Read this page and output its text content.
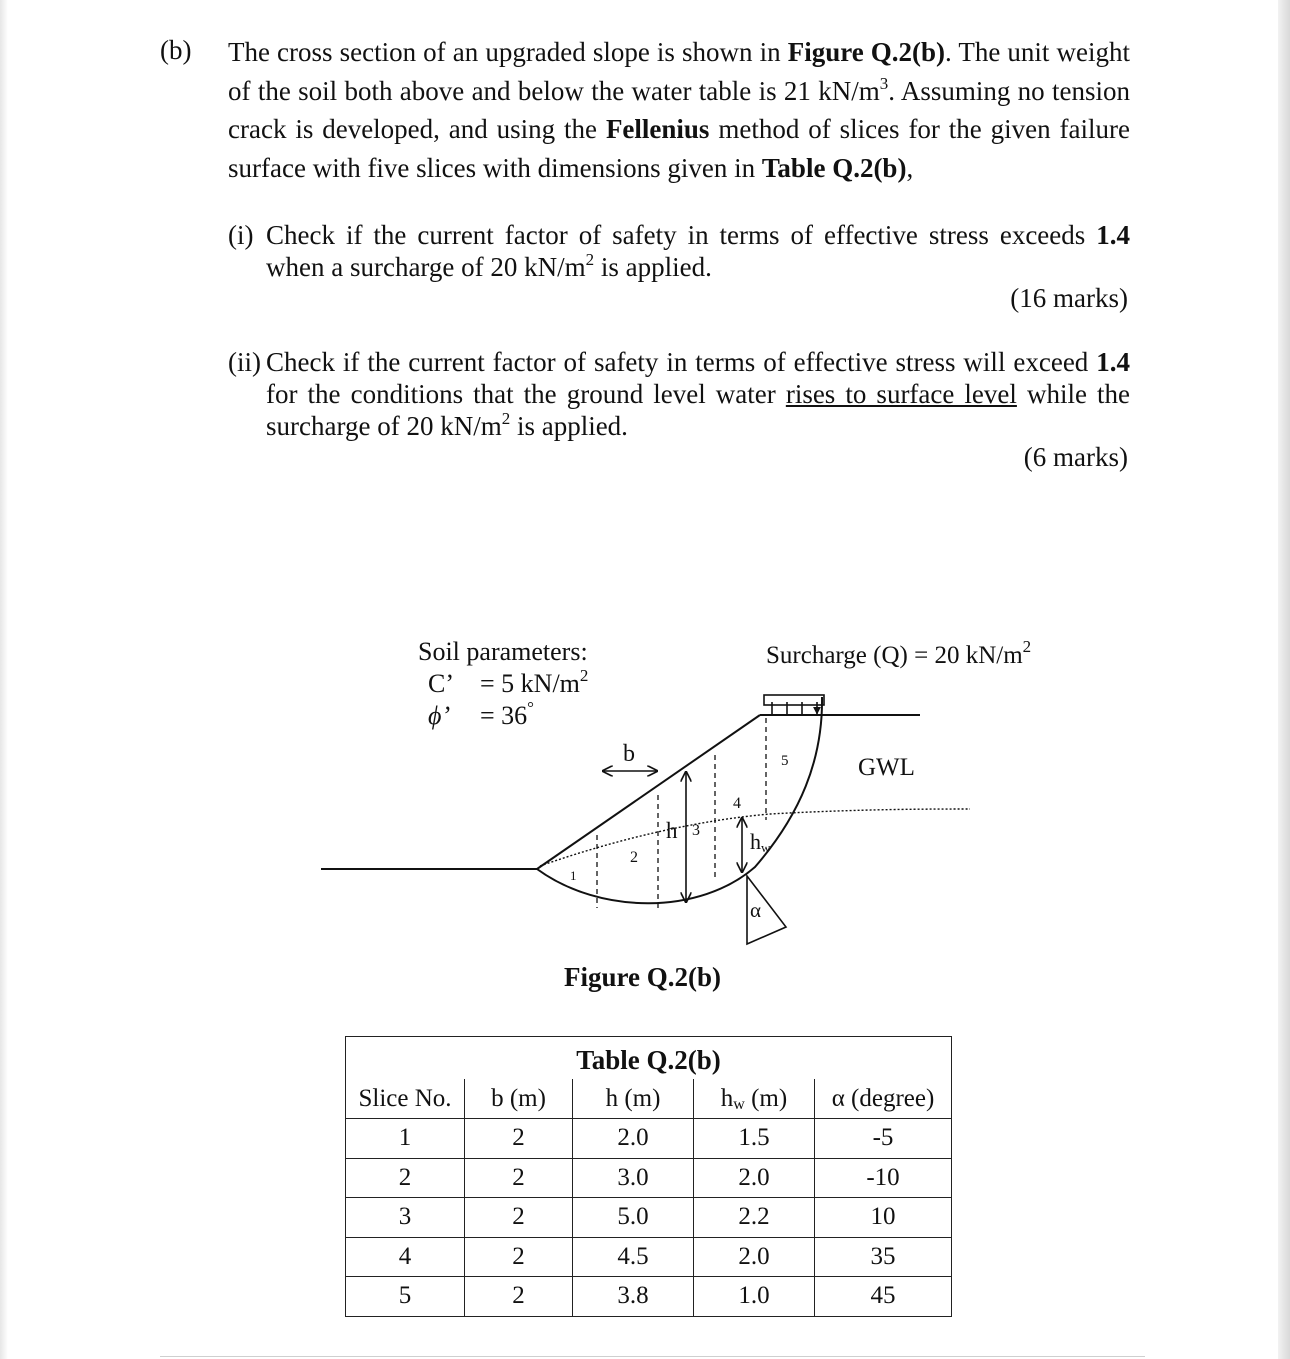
(b) The cross section of an upgraded slope is shown in Figure Q.2(b). The unit weight of the soil both above and below the water table is 21 $kN/m^3$. Assuming no tension crack is developed, and using the Fellenius method of slices for the given failure surface with five slices with dimensions given in Table Q.2(b),
(i) Check if the current factor of safety in terms of effective stress exceeds 1.4 when a surcharge of 20 $kN/m^2$ is applied.
(16 marks)
(ii) Check if the current factor of safety in terms of effective stress will exceed 1.4 for the conditions that the ground level water rises to surface level while the surcharge of 20 $kN/m^2$ is applied.
(6 marks)
Soil parameters:
C’ = 5 $kN/m^2$
ϕ’ = 36°
Surcharge (Q) = 20 $kN/m^2$
GWL
b
h	$h_w$
α
1
2
3
4
5
Figure Q.2(b)
Table Q.2(b)				
Slice No.	b (m)	h (m)	$h_w$ (m)	α (degree)
1	2	2.0	1.5	-5
2	2	3.0	2.0	-10
3	2	5.0	2.2	10
4	2	4.5	2.0	35
5	2	3.8	1.0	45
